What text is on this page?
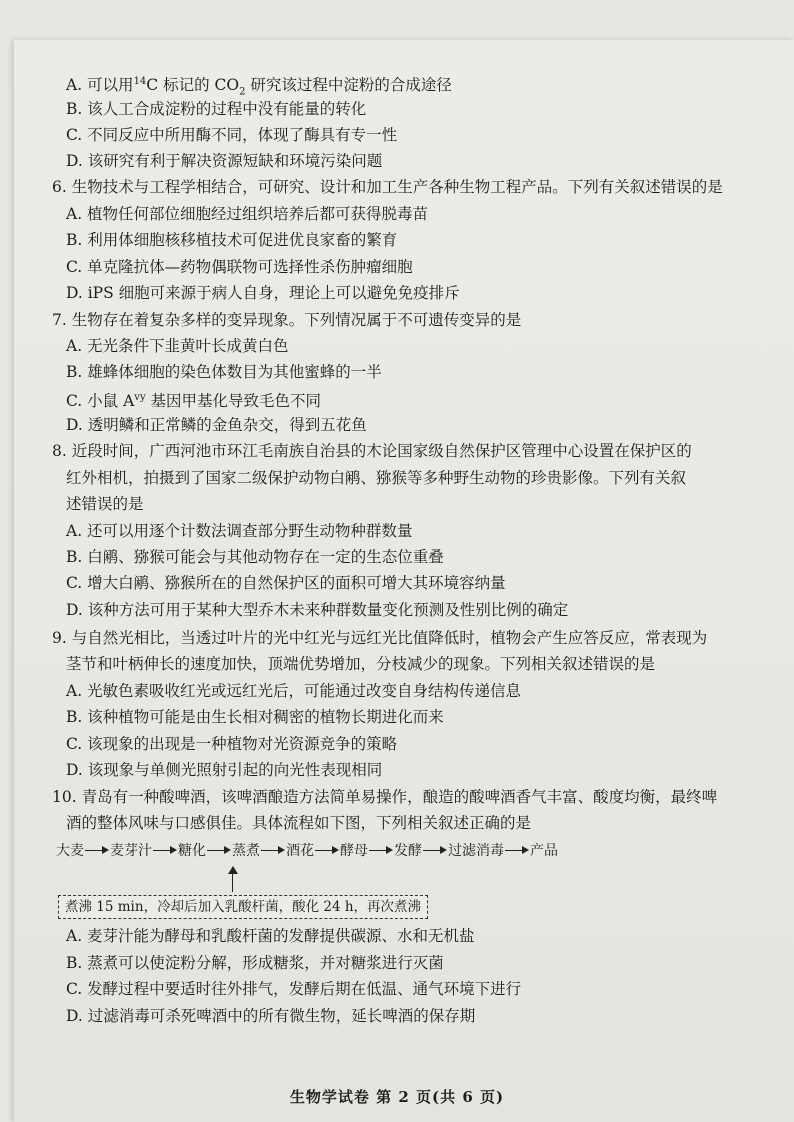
A. 可以用$^{14}$C 标记的 $CO_2$ 研究该过程中淀粉的合成途径
B. 该人工合成淀粉的过程中没有能量的转化
C. 不同反应中所用酶不同，体现了酶具有专一性
D. 该研究有利于解决资源短缺和环境污染问题
6. 生物技术与工程学相结合，可研究、设计和加工生产各种生物工程产品。下列有关叙述错误的是
A. 植物任何部位细胞经过组织培养后都可获得脱毒苗
B. 利用体细胞核移植技术可促进优良家畜的繁育
C. 单克隆抗体—药物偶联物可选择性杀伤肿瘤细胞
D. iPS 细胞可来源于病人自身，理论上可以避免免疫排斥
7. 生物存在着复杂多样的变异现象。下列情况属于不可遗传变异的是
A. 无光条件下韭黄叶长成黄白色
B. 雄蜂体细胞的染色体数目为其他蜜蜂的一半
C. 小鼠 $A^{vy}$ 基因甲基化导致毛色不同
D. 透明鳞和正常鳞的金鱼杂交，得到五花鱼
8. 近段时间，广西河池市环江毛南族自治县的木论国家级自然保护区管理中心设置在保护区的
红外相机，拍摄到了国家二级保护动物白鹇、猕猴等多种野生动物的珍贵影像。下列有关叙
述错误的是
A. 还可以用逐个计数法调查部分野生动物种群数量
B. 白鹇、猕猴可能会与其他动物存在一定的生态位重叠
C. 增大白鹇、猕猴所在的自然保护区的面积可增大其环境容纳量
D. 该种方法可用于某种大型乔木未来种群数量变化预测及性别比例的确定
9. 与自然光相比，当透过叶片的光中红光与远红光比值降低时，植物会产生应答反应，常表现为
茎节和叶柄伸长的速度加快，顶端优势增加，分枝减少的现象。下列相关叙述错误的是
A. 光敏色素吸收红光或远红光后，可能通过改变自身结构传递信息
B. 该种植物可能是由生长相对稠密的植物长期进化而来
C. 该现象的出现是一种植物对光资源竞争的策略
D. 该现象与单侧光照射引起的向光性表现相同
10. 青岛有一种酸啤酒，该啤酒酿造方法简单易操作，酿造的酸啤酒香气丰富、酸度均衡，最终啤
酒的整体风味与口感俱佳。具体流程如下图，下列相关叙述正确的是
大麦 麦芽汁 糖化 蒸煮 酒花 酵母 发酵 过滤消毒 产品
煮沸 15 min，冷却后加入乳酸杆菌，酸化 24 h，再次煮沸
A. 麦芽汁能为酵母和乳酸杆菌的发酵提供碳源、水和无机盐
B. 蒸煮可以使淀粉分解，形成糖浆，并对糖浆进行灭菌
C. 发酵过程中要适时往外排气，发酵后期在低温、通气环境下进行
D. 过滤消毒可杀死啤酒中的所有微生物，延长啤酒的保存期
生物学试卷 第 2 页(共 6 页)
